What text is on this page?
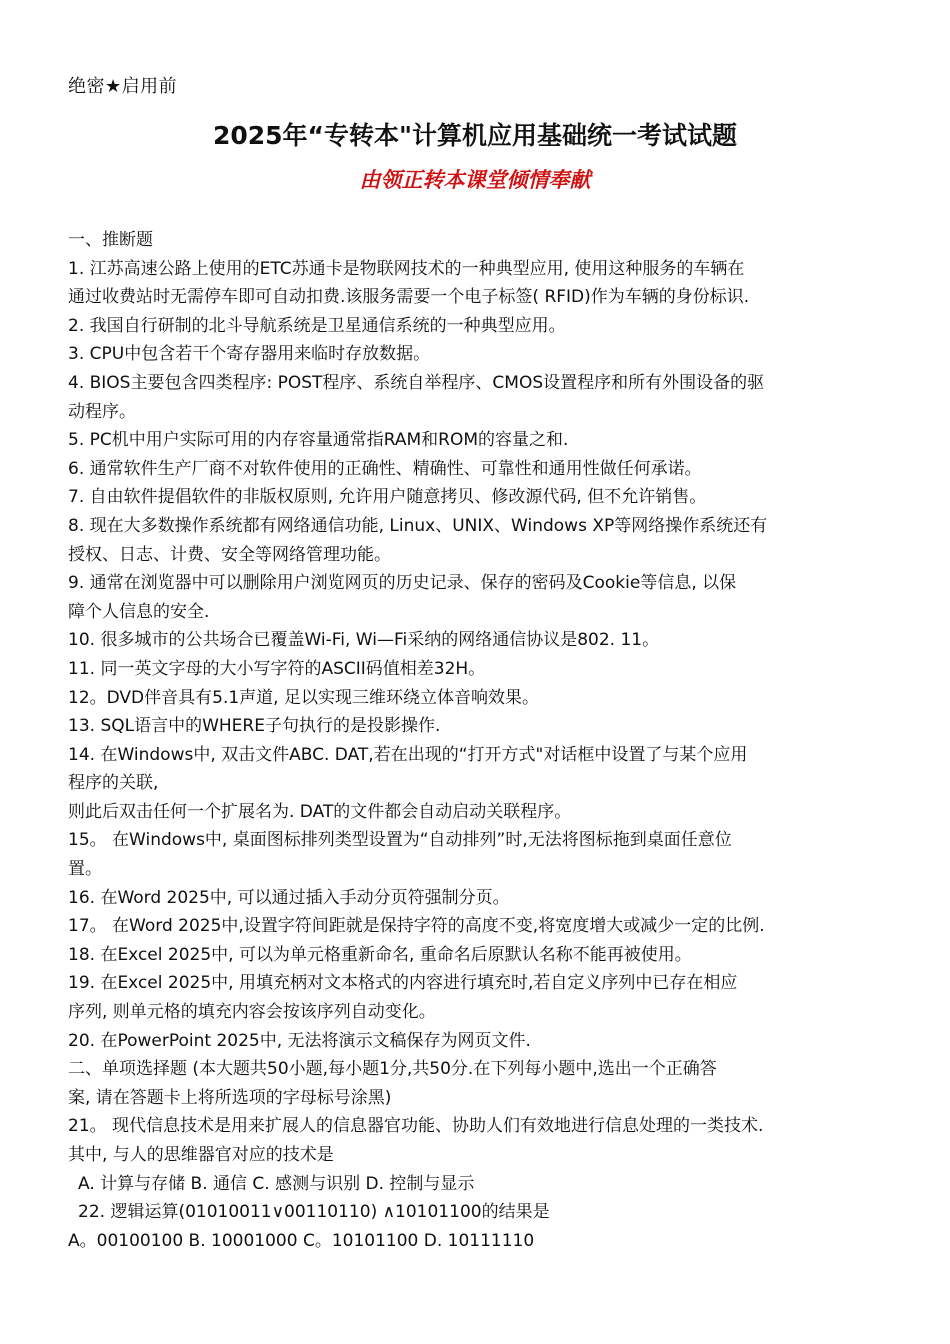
绝密★启用前
2025年“专转本"计算机应用基础统一考试试题
由领正转本课堂倾情奉献
一、推断题
1. 江苏高速公路上使用的ETC苏通卡是物联网技术的一种典型应用, 使用这种服务的车辆在
通过收费站时无需停车即可自动扣费.该服务需要一个电子标签( RFID)作为车辆的身份标识.
2. 我国自行研制的北斗导航系统是卫星通信系统的一种典型应用。
3. CPU中包含若干个寄存器用来临时存放数据。
4. BIOS主要包含四类程序: POST程序、系统自举程序、CMOS设置程序和所有外围设备的驱
动程序。
5. PC机中用户实际可用的内存容量通常指RAM和ROM的容量之和.
6. 通常软件生产厂商不对软件使用的正确性、精确性、可靠性和通用性做任何承诺。
7. 自由软件提倡软件的非版权原则, 允许用户随意拷贝、修改源代码, 但不允许销售。
8. 现在大多数操作系统都有网络通信功能, Linux、UNIX、Windows XP等网络操作系统还有
授权、日志、计费、安全等网络管理功能。
9. 通常在浏览器中可以删除用户浏览网页的历史记录、保存的密码及Cookie等信息, 以保
障个人信息的安全.
10. 很多城市的公共场合已覆盖Wi-Fi, Wi—Fi采纳的网络通信协议是802. 11。
11. 同一英文字母的大小写字符的ASCII码值相差32H。
12。DVD伴音具有5.1声道, 足以实现三维环绕立体音响效果。
13. SQL语言中的WHERE子句执行的是投影操作.
14. 在Windows中, 双击文件ABC. DAT,若在出现的“打开方式"对话框中设置了与某个应用
程序的关联,
则此后双击任何一个扩展名为. DAT的文件都会自动启动关联程序。
15。 在Windows中, 桌面图标排列类型设置为“自动排列”时,无法将图标拖到桌面任意位
置。
16. 在Word 2025中, 可以通过插入手动分页符强制分页。
17。 在Word 2025中,设置字符间距就是保持字符的高度不变,将宽度增大或减少一定的比例.
18. 在Excel 2025中, 可以为单元格重新命名, 重命名后原默认名称不能再被使用。
19. 在Excel 2025中, 用填充柄对文本格式的内容进行填充时,若自定义序列中已存在相应
序列, 则单元格的填充内容会按该序列自动变化。
20. 在PowerPoint 2025中, 无法将演示文稿保存为网页文件.
二、单项选择题 (本大题共50小题,每小题1分,共50分.在下列每小题中,选出一个正确答
案, 请在答题卡上将所选项的字母标号涂黑)
21。 现代信息技术是用来扩展人的信息器官功能、协助人们有效地进行信息处理的一类技术.
其中, 与人的思维器官对应的技术是
A. 计算与存储 B. 通信 C. 感测与识别 D. 控制与显示
22. 逻辑运算(01010011∨00110110) ∧10101100的结果是
A。00100100 B. 10001000 C。10101100 D. 10111110
